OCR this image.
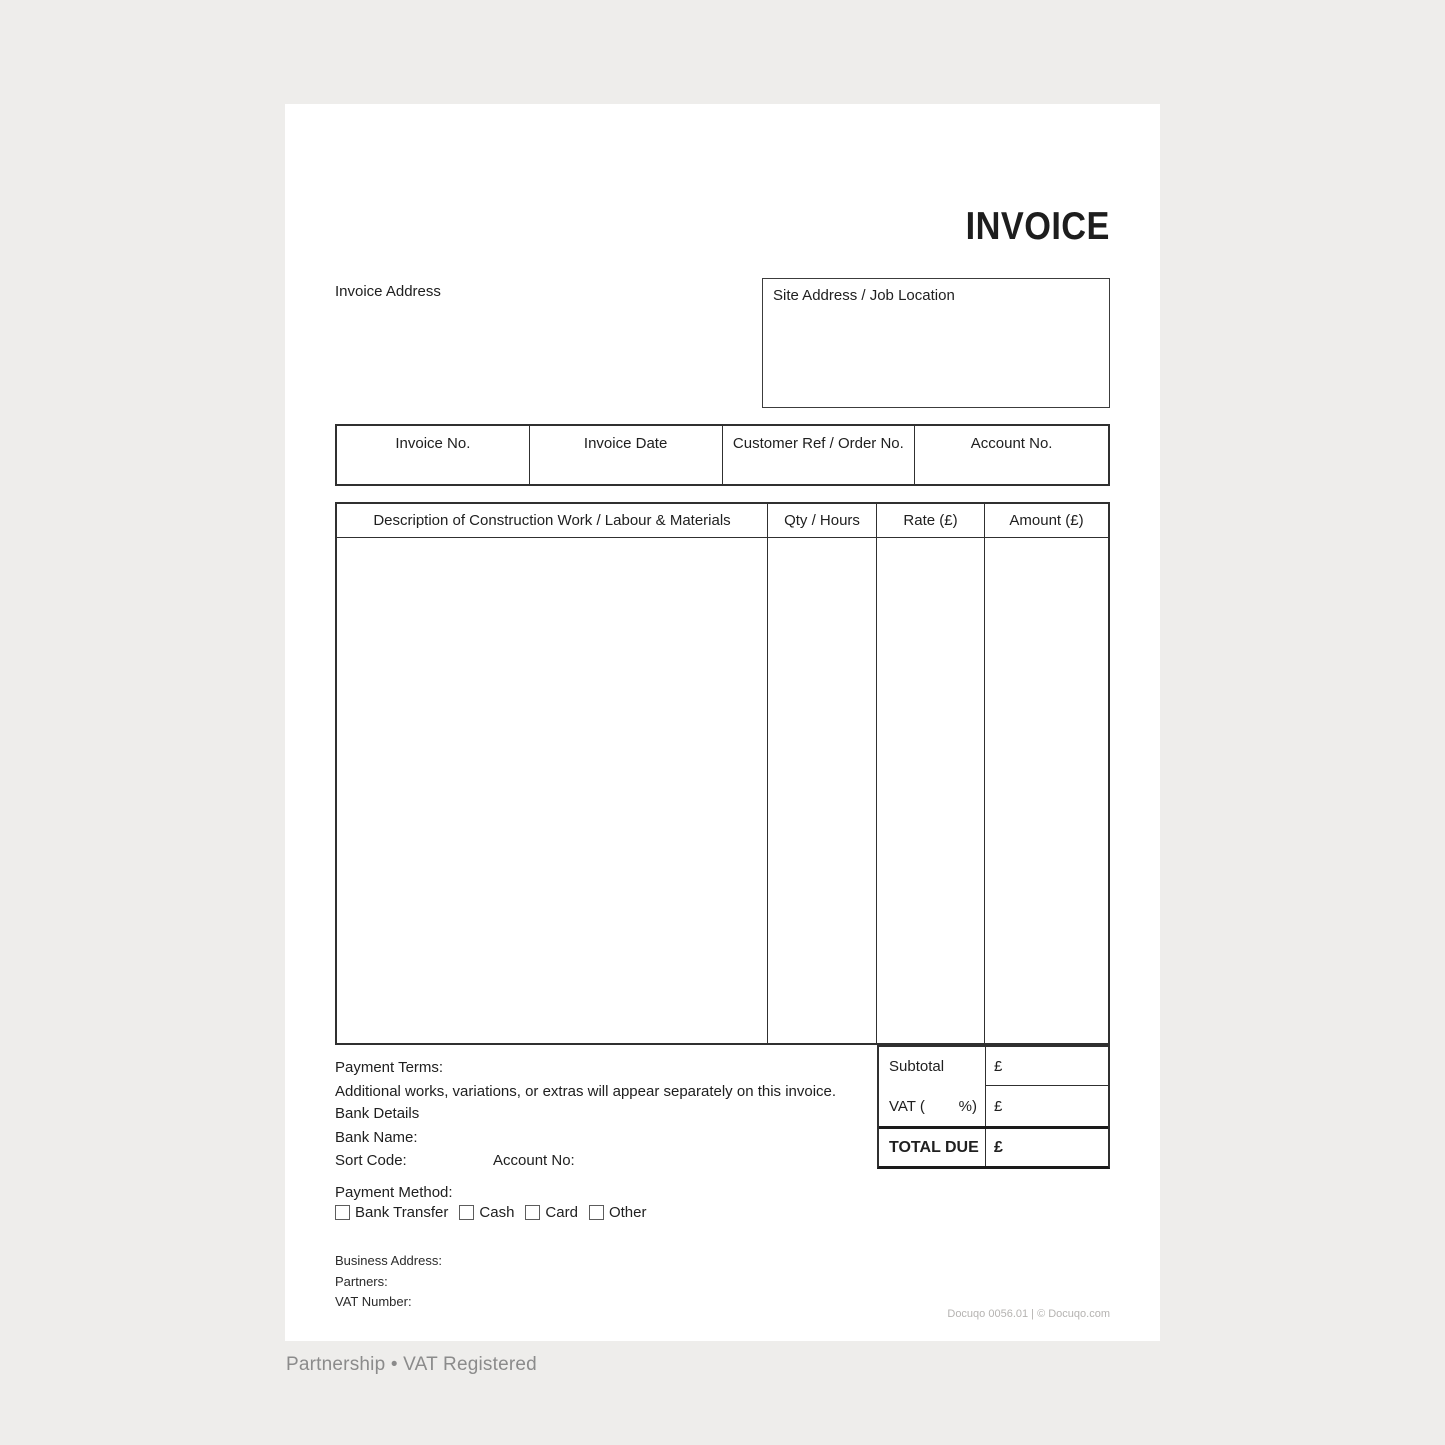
INVOICE
Invoice Address	Site Address / Job Location
Invoice No.	Invoice Date	Customer Ref / Order No.	Account No.
Description of Construction Work / Labour & Materials	Qty / Hours	Rate (£)	Amount (£)
Payment Terms:
Additional works, variations, or extras will appear separately on this invoice.
Bank Details
Bank Name:
Sort Code:	Account No:
Subtotal	£
VAT ( %)	£
TOTAL DUE £
Payment Method:
Bank Transfer Cash Card Other
Business Address:
Partners:
VAT Number:
Docuqo 0056.01 | © Docuqo.com
Partnership • VAT Registered
